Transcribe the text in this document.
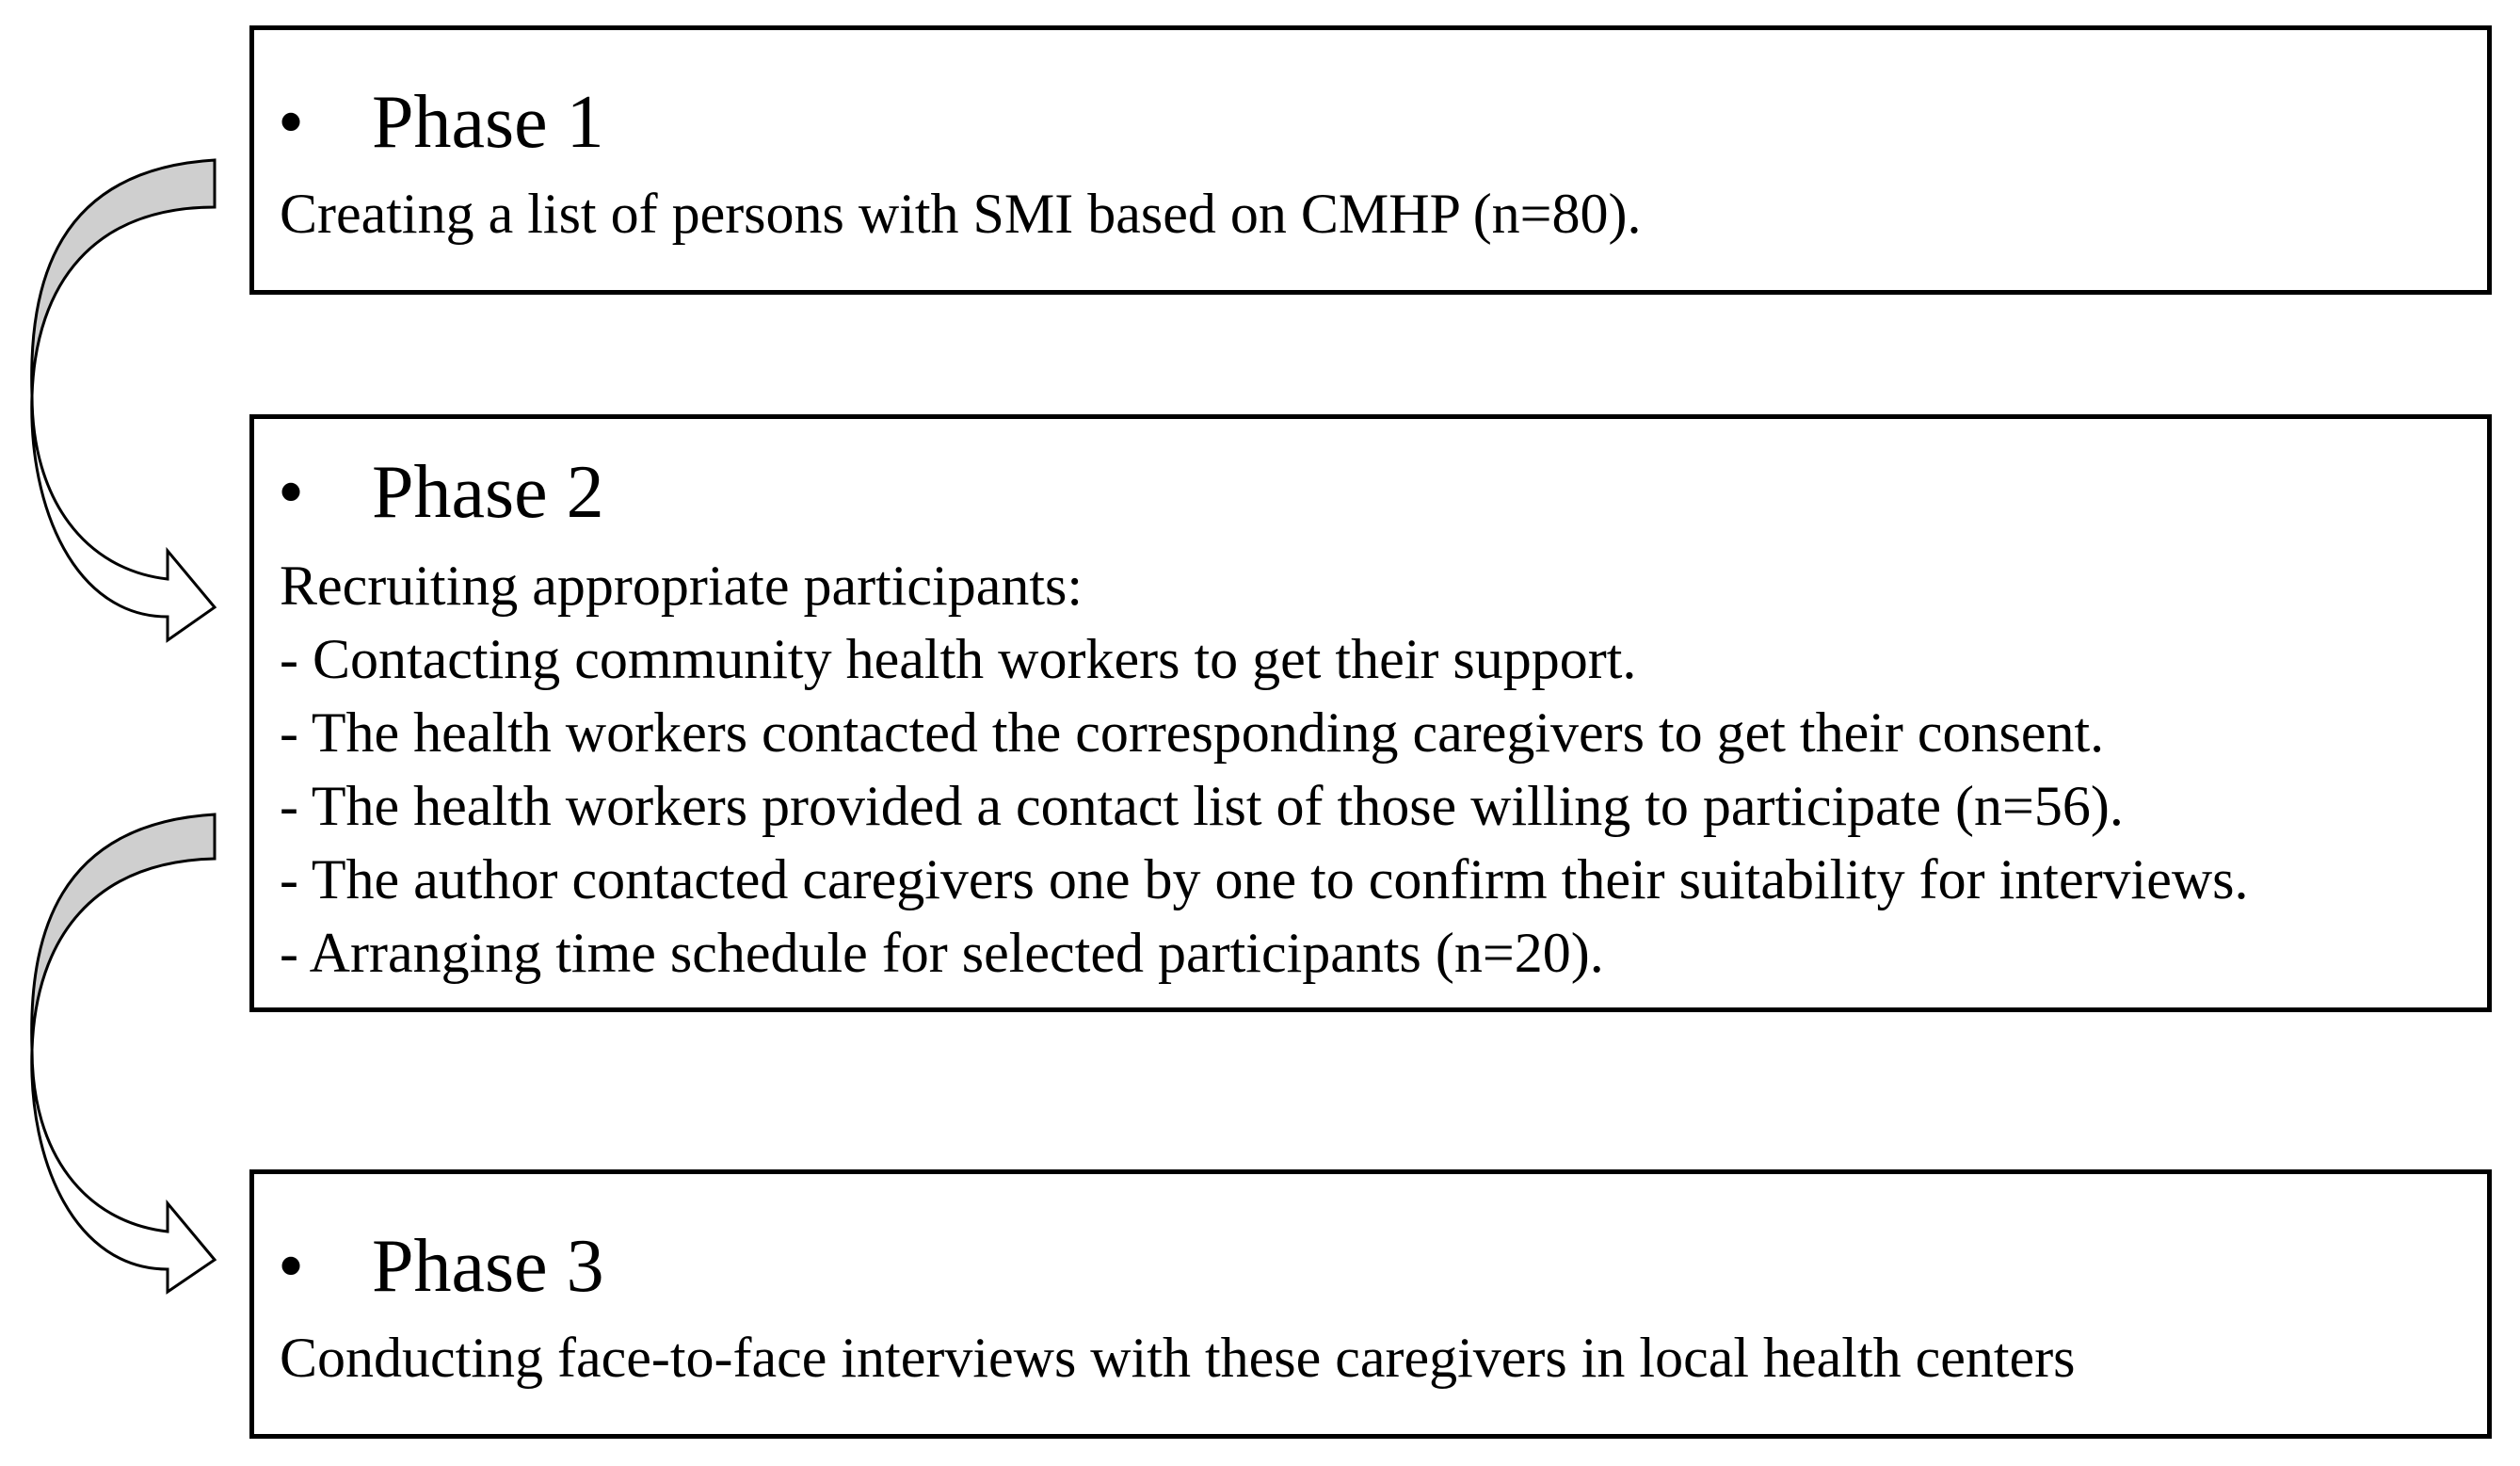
• Phase 1
Creating a list of persons with SMI based on CMHP (n=80).
• Phase 2
Recruiting appropriate participants:
- Contacting community health workers to get their support.
- The health workers contacted the corresponding caregivers to get their consent.
- The health workers provided a contact list of those willing to participate (n=56).
- The author contacted caregivers one by one to confirm their suitability for interviews.
- Arranging time schedule for selected participants (n=20).
• Phase 3
Conducting face-to-face interviews with these caregivers in local health centers
